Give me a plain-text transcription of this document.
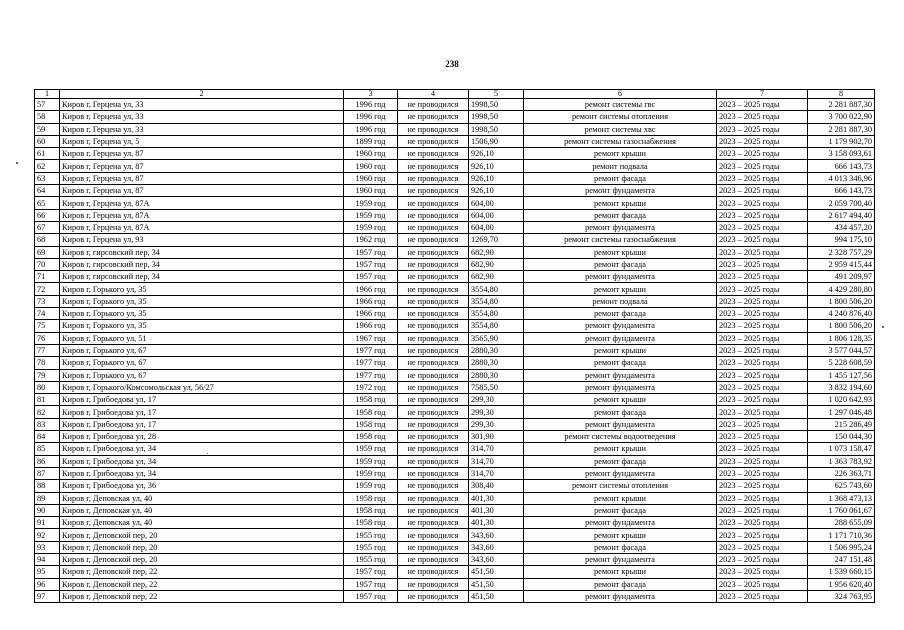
238
1	2	3	4	5	6	7	8
57	Киров г, Герцена ул, 33	1996 год	не проводился	1998,50	ремонт системы гвс	2023 – 2025 годы	2 281 887,30
58	Киров г, Герцена ул, 33	1996 год	не проводился	1998,50	ремонт системы отопления	2023 – 2025 годы	3 700 022,90
59	Киров г, Герцена ул, 33	1996 год	не проводился	1998,50	ремонт системы хвс	2023 – 2025 годы	2 281 887,30
60	Киров г, Герцена ул, 5	1899 год	не проводился	1506,90	ремонт системы газоснабжения	2023 – 2025 годы	1 179 902,70
61	Киров г, Герцена ул, 87	1960 год	не проводился	926,10	ремонт крыши	2023 – 2025 годы	3 158 093,61
62	Киров г, Герцена ул, 87	1960 год	не проводился	926,10	ремонт подвала	2023 – 2025 годы	666 143,73
63	Киров г, Герцена ул, 87	1960 год	не проводился	926,10	ремонт фасада	2023 – 2025 годы	4 013 346,96
64	Киров г, Герцена ул, 87	1960 год	не проводился	926,10	ремонт фундамента	2023 – 2025 годы	666 143,73
65	Киров г, Герцена ул, 87А	1959 год	не проводился	604,00	ремонт крыши	2023 – 2025 годы	2 059 700,40
66	Киров г, Герцена ул, 87А	1959 год	не проводился	604,00	ремонт фасада	2023 – 2025 годы	2 617 494,40
67	Киров г, Герцена ул, 87А	1959 год	не проводился	604,00	ремонт фундамента	2023 – 2025 годы	434 457,20
68	Киров г, Герцена ул, 93	1962 год	не проводился	1269,70	ремонт системы газоснабжения	2023 – 2025 годы	994 175,10
69	Киров г, гирсовский пер, 34	1957 год	не проводился	682,90	ремонт крыши	2023 – 2025 годы	2 328 757,29
70	Киров г, гирсовский пер, 34	1957 год	не проводился	682,90	ремонт фасада	2023 – 2025 годы	2 959 415,44
71	Киров г, гирсовский пер, 34	1957 год	не проводился	682,90	ремонт фундамента	2023 – 2025 годы	491 209,97
72	Киров г, Горького ул, 35	1966 год	не проводился	3554,80	ремонт крыши	2023 – 2025 годы	4 429 280,80
73	Киров г, Горького ул, 35	1966 год	не проводился	3554,80	ремонт подвала	2023 – 2025 годы	1 800 506,20
74	Киров г, Горького ул, 35	1966 год	не проводился	3554,80	ремонт фасада	2023 – 2025 годы	4 240 876,40
75	Киров г, Горького ул, 35	1966 год	не проводился	3554,80	ремонт фундамента	2023 – 2025 годы	1 800 506,20
76	Киров г, Горького ул, 51	1967 год	не проводился	3565,90	ремонт фундамента	2023 – 2025 годы	1 806 128,35
77	Киров г, Горького ул, 67	1977 год	не проводился	2880,30	ремонт крыши	2023 – 2025 годы	3 577 044,57
78	Киров г, Горького ул, 67	1977 год	не проводился	2880,30	ремонт фасада	2023 – 2025 годы	5 228 608,59
79	Киров г, Горького ул, 67	1977 год	не проводился	2880,30	ремонт фундамента	2023 – 2025 годы	1 455 127,56
80	Киров г, Горького/Комсомольская ул, 56/27	1972 год	не проводился	7585,50	ремонт фундамента	2023 – 2025 годы	3 832 194,60
81	Киров г, Грибоедова ул, 17	1958 год	не проводился	299,30	ремонт крыши	2023 – 2025 годы	1 020 642,93
82	Киров г, Грибоедова ул, 17	1958 год	не проводился	299,30	ремонт фасада	2023 – 2025 годы	1 297 046,48
83	Киров г, Грибоедова ул, 17	1958 год	не проводился	299,30	ремонт фундамента	2023 – 2025 годы	215 286,49
84	Киров г, Грибоедова ул, 28	1958 год	не проводился	301,90	ремонт системы водоотведения	2023 – 2025 годы	150 044,30
85	Киров г, Грибоедова ул, 34	1959 год	не проводился	314,70	ремонт крыши	2023 – 2025 годы	1 073 158,47
86	Киров г, Грибоедова ул, 34	1959 год	не проводился	314,70	ремонт фасада	2023 – 2025 годы	1 363 783,92
87	Киров г, Грибоедова ул, 34	1959 год	не проводился	314,70	ремонт фундамента	2023 – 2025 годы	226 363,71
88	Киров г, Грибоедова ул, 36	1959 год	не проводился	308,40	ремонт системы отопления	2023 – 2025 годы	625 743,60
89	Киров г, Деповская ул, 40	1958 год	не проводился	401,30	ремонт крыши	2023 – 2025 годы	1 368 473,13
90	Киров г, Деповская ул, 40	1958 год	не проводился	401,30	ремонт фасада	2023 – 2025 годы	1 760 061,67
91	Киров г, Деповская ул, 40	1958 год	не проводился	401,30	ремонт фундамента	2023 – 2025 годы	288 655,09
92	Киров г, Деповской пер, 20	1955 год	не проводился	343,60	ремонт крыши	2023 – 2025 годы	1 171 710,36
93	Киров г, Деповской пер, 20	1955 год	не проводился	343,60	ремонт фасада	2023 – 2025 годы	1 506 995,24
94	Киров г, Деповской пер, 20	1955 год	не проводился	343,60	ремонт фундамента	2023 – 2025 годы	247 151,48
95	Киров г, Деповской пер, 22	1957 год	не проводился	451,50	ремонт крыши	2023 – 2025 годы	1 539 660,15
96	Киров г, Деповской пер, 22	1957 год	не проводился	451,50	ремонт фасада	2023 – 2025 годы	1 956 620,40
97	Киров г, Деповской пер, 22	1957 год	не проводился	451,50	ремонт фундамента	2023 – 2025 годы	324 763,95
